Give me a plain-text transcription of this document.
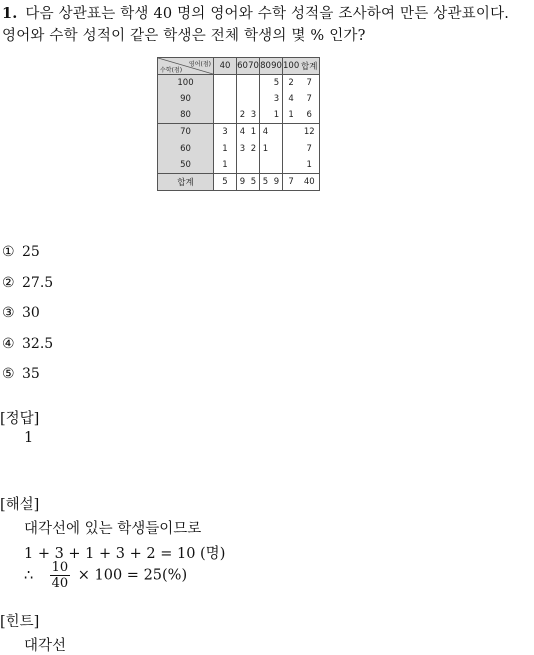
1. 다음 상관표는 학생 40 명의 영어와 수학 성적을 조사하여 만든 상관표이다.
영어와 수학 성적이 같은 학생은 전체 학생의 몇 % 인가?
영어(점)
수학(점)	40	60	70	80	90	100	합계
100					5	2	7
90					3	4	7
80		2	3		1	1	6
70	3	4	1	4			12
60	1	3	2	1			7
50	1						1
합계	5	9	5	5	9	7	40
① 25
② 27.5
③ 30
④ 32.5
⑤ 35
[정답]
1
[해설]
대각선에 있는 학생들이므로
1 + 3 + 1 + 3 + 2 = 10 (명)
∴ $\frac{10}{40} \times 100 = 25(\%)$
[힌트]
대각선
